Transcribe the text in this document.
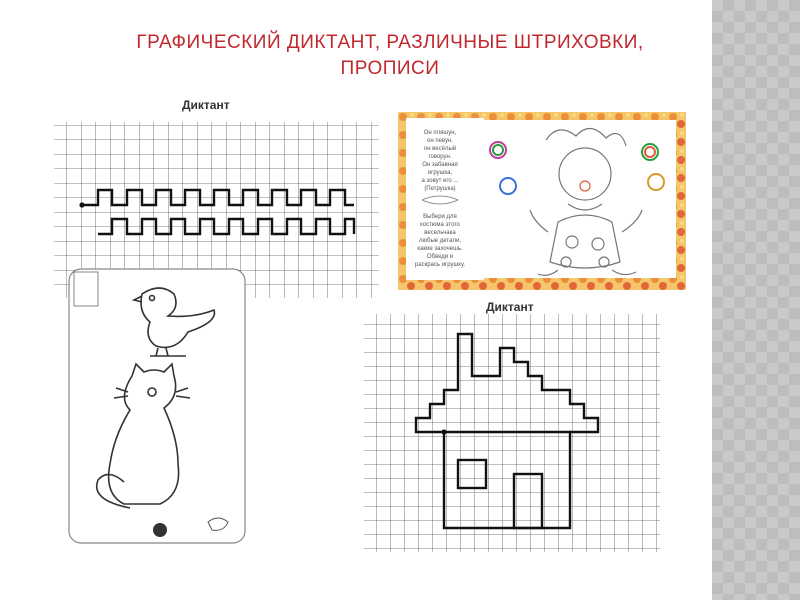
ГРАФИЧЕСКИЙ ДИКТАНТ, РАЗЛИЧНЫЕ ШТРИХОВКИ,
ПРОПИСИ
Диктант
Он пляшун,
он певун,
он весёлый
говорун.
Он забавная
игрушка,
а зовут его ...
(Петрушка)
Выбери для
костюма этого
весельчака
любые детали,
какие захочешь.
Обведи и
раскрась игрушку.
Диктант
